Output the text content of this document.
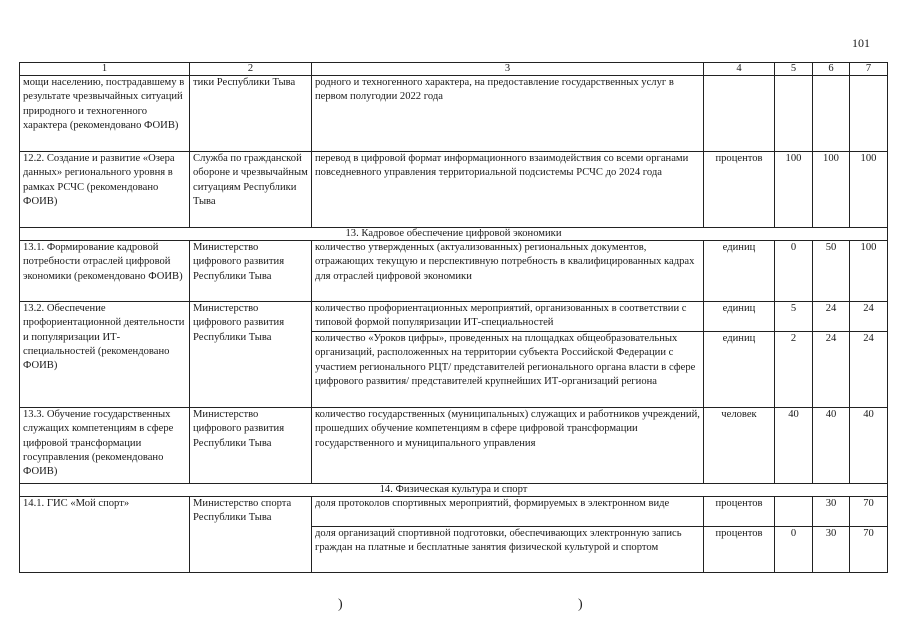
101
1	2	3	4	5	6	7
мощи населению, пострадавшему в результате чрезвычайных ситуаций природного и техногенного характера (рекомендовано ФОИВ)	тики Республики Тыва	родного и техногенного характера, на предоставление государственных услуг в первом полугодии 2022 года				
12.2. Создание и развитие «Озера данных» регионального уровня в рамках РСЧС (рекомендовано ФОИВ)	Служба по гражданской обороне и чрезвычайным ситуациям Республики Тыва	перевод в цифровой формат информационного взаимодействия со всеми органами повседневного управления территориальной подсистемы РСЧС до 2024 года	процентов	100	100	100
13. Кадровое обеспечение цифровой экономики						
13.1. Формирование кадровой потребности отраслей цифровой экономики (рекомендовано ФОИВ)	Министерство цифрового развития Республики Тыва	количество утвержденных (актуализованных) региональных документов, отражающих текущую и перспективную потребность в квалифицированных кадрах для отраслей цифровой экономики	единиц	0	50	100
13.2. Обеспечение профориентационной деятельности и популяризации ИТ-специальностей (рекомендовано ФОИВ)	Министерство цифрового развития Республики Тыва	количество профориентационных мероприятий, организованных в соответствии с типовой формой популяризации ИТ-специальностей	единиц	5	24	24
		количество «Уроков цифры», проведенных на площадках общеобразовательных организаций, расположенных на территории субъекта Российской Федерации с участием регионального РЦТ/ представителей регионального органа власти в сфере цифрового развития/ представителей крупнейших ИТ-организаций региона	единиц	2	24	24
13.3. Обучение государственных служащих компетенциям в сфере цифровой трансформации госуправления (рекомендовано ФОИВ)	Министерство цифрового развития Республики Тыва	количество государственных (муниципальных) служащих и работников учреждений, прошедших обучение компетенциям в сфере цифровой трансформации государственного и муниципального управления	человек	40	40	40
14. Физическая культура и спорт						
14.1. ГИС «Мой спорт»	Министерство спорта Республики Тыва	доля протоколов спортивных мероприятий, формируемых в электронном виде	процентов		30	70
		доля организаций спортивной подготовки, обеспечивающих электронную запись граждан на платные и бесплатные занятия физической культурой и спортом	процентов	0	30	70
)	)
